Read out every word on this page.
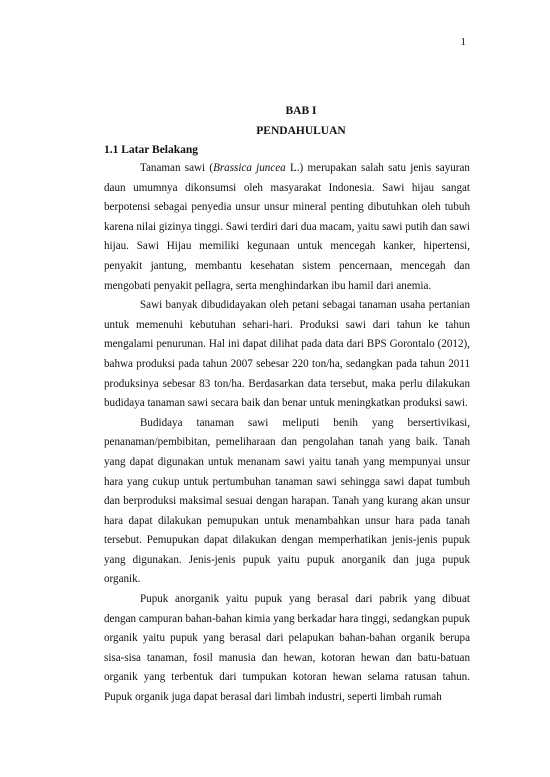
1
BAB I
PENDAHULUAN
1.1 Latar Belakang

Tanaman sawi (Brassica juncea L.) merupakan salah satu jenis sayuran daun umumnya dikonsumsi oleh masyarakat Indonesia. Sawi hijau sangat berpotensi sebagai penyedia unsur unsur mineral penting dibutuhkan oleh tubuh karena nilai gizinya tinggi. Sawi terdiri dari dua macam, yaitu sawi putih dan sawi hijau. Sawi Hijau memiliki kegunaan untuk mencegah kanker, hipertensi, penyakit jantung, membantu kesehatan sistem pencernaan, mencegah dan mengobati penyakit pellagra, serta menghindarkan ibu hamil dari anemia.

Sawi banyak dibudidayakan oleh petani sebagai tanaman usaha pertanian untuk memenuhi kebutuhan sehari-hari. Produksi sawi dari tahun ke tahun mengalami penurunan. Hal ini dapat dilihat pada data dari BPS Gorontalo (2012), bahwa produksi pada tahun 2007 sebesar 220 ton/ha, sedangkan pada tahun 2011 produksinya sebesar 83 ton/ha. Berdasarkan data tersebut, maka perlu dilakukan budidaya tanaman sawi secara baik dan benar untuk meningkatkan produksi sawi.

Budidaya tanaman sawi meliputi benih yang bersertivikasi, penanaman/pembibitan, pemeliharaan dan pengolahan tanah yang baik. Tanah yang dapat digunakan untuk menanam sawi yaitu tanah yang mempunyai unsur hara yang cukup untuk pertumbuhan tanaman sawi sehingga sawi dapat tumbuh dan berproduksi maksimal sesuai dengan harapan. Tanah yang kurang akan unsur hara dapat dilakukan pemupukan untuk menambahkan unsur hara pada tanah tersebut. Pemupukan dapat dilakukan dengan memperhatikan jenis-jenis pupuk yang digunakan. Jenis-jenis pupuk yaitu pupuk anorganik dan juga pupuk organik.

Pupuk anorganik yaitu pupuk yang berasal dari pabrik yang dibuat dengan campuran bahan-bahan kimia yang berkadar hara tinggi, sedangkan pupuk organik yaitu pupuk yang berasal dari pelapukan bahan-bahan organik berupa sisa-sisa tanaman, fosil manusia dan hewan, kotoran hewan dan batu-batuan organik yang terbentuk dari tumpukan kotoran hewan selama ratusan tahun. Pupuk organik juga dapat berasal dari limbah industri, seperti limbah rumah
